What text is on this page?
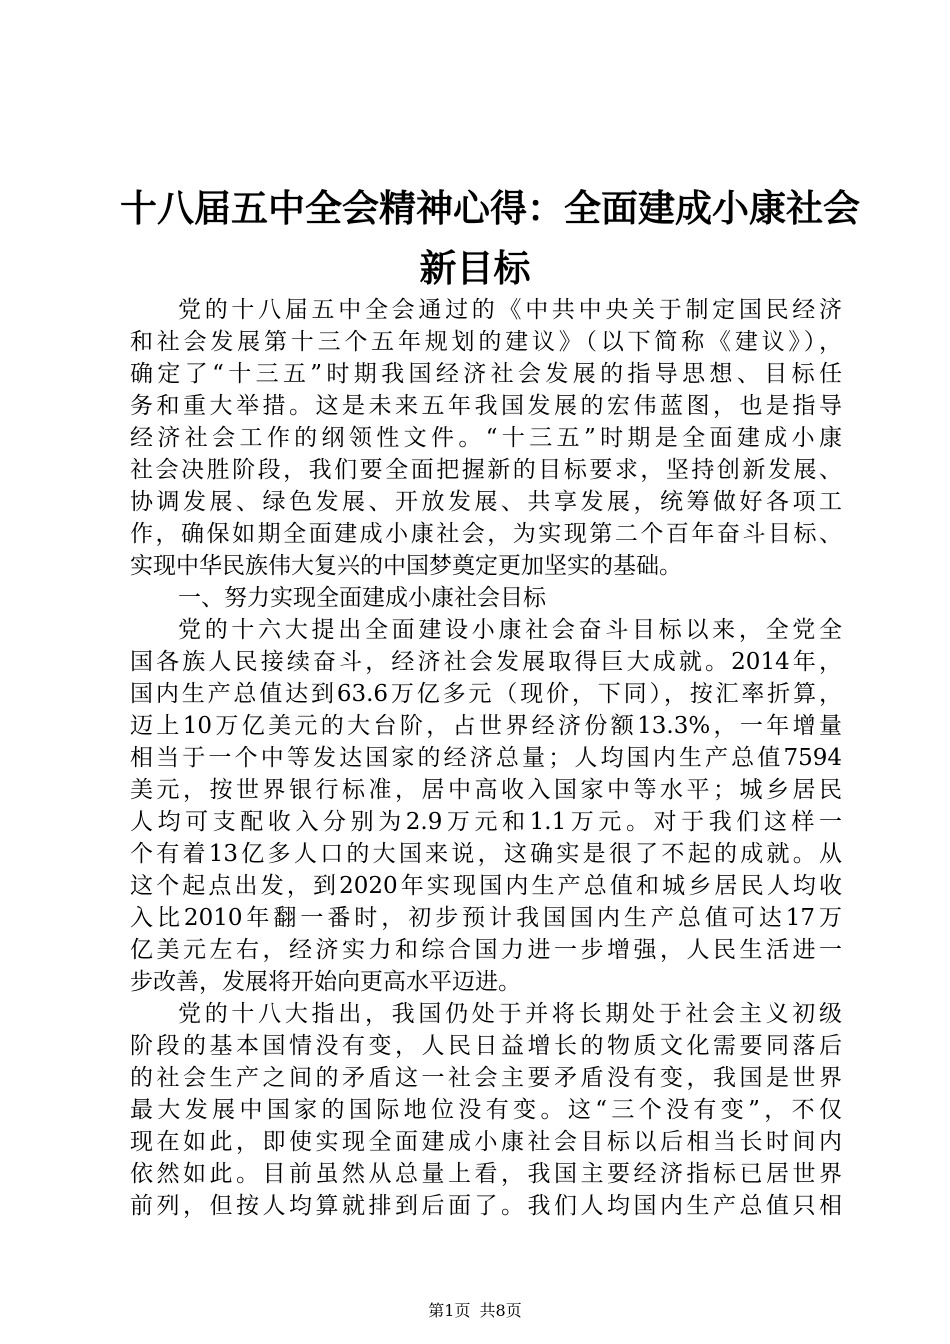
十八届五中全会精神心得：全面建成小康社会
新目标
党的十八届五中全会通过的《中共中央关于制定国民经济
和社会发展第十三个五年规划的建议》（以下简称《建议》），
确定了“十三五”时期我国经济社会发展的指导思想、目标任
务和重大举措。这是未来五年我国发展的宏伟蓝图，也是指导
经济社会工作的纲领性文件。“十三五”时期是全面建成小康
社会决胜阶段，我们要全面把握新的目标要求，坚持创新发展、
协调发展、绿色发展、开放发展、共享发展，统筹做好各项工
作，确保如期全面建成小康社会，为实现第二个百年奋斗目标、
实现中华民族伟大复兴的中国梦奠定更加坚实的基础。
一、努力实现全面建成小康社会目标
党的十六大提出全面建设小康社会奋斗目标以来，全党全
国各族人民接续奋斗，经济社会发展取得巨大成就。2014年，
国内生产总值达到63.6万亿多元（现价，下同），按汇率折算，
迈上10万亿美元的大台阶，占世界经济份额13.3%，一年增量
相当于一个中等发达国家的经济总量；人均国内生产总值7594
美元，按世界银行标准，居中高收入国家中等水平；城乡居民
人均可支配收入分别为2.9万元和1.1万元。对于我们这样一
个有着13亿多人口的大国来说，这确实是很了不起的成就。从
这个起点出发，到2020年实现国内生产总值和城乡居民人均收
入比2010年翻一番时，初步预计我国国内生产总值可达17万
亿美元左右，经济实力和综合国力进一步增强，人民生活进一
步改善，发展将开始向更高水平迈进。
党的十八大指出，我国仍处于并将长期处于社会主义初级
阶段的基本国情没有变，人民日益增长的物质文化需要同落后
的社会生产之间的矛盾这一社会主要矛盾没有变，我国是世界
最大发展中国家的国际地位没有变。这“三个没有变”，不仅
现在如此，即使实现全面建成小康社会目标以后相当长时间内
依然如此。目前虽然从总量上看，我国主要经济指标已居世界
前列，但按人均算就排到后面了。我们人均国内生产总值只相
第1页 共8页
